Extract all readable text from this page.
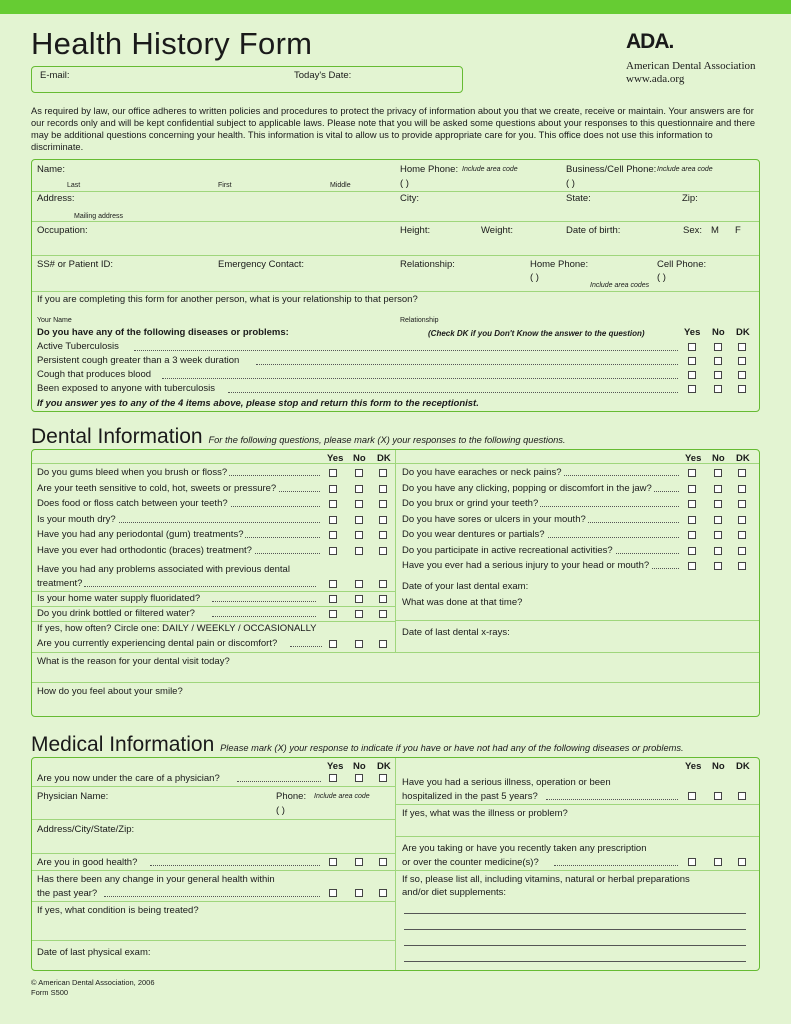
Health History Form	ADA.
American Dental Association
www.ada.org
E-mail:	Today's Date:
As required by law, our office adheres to written policies and procedures to protect the privacy of information about you that we create, receive or maintain. Your answers are for our records only and will be kept confidential subject to applicable laws. Please note that you will be asked some questions about your responses to this questionnaire and there may be additional questions concerning your health. This information is vital to allow us to provide appropriate care for you. This office does not use this information to discriminate.
Name:
Last	First	Middle
Home Phone: Include area code
( )
Business/Cell Phone: Include area code
( )
Address:
Mailing address
City:	State:	Zip:
Occupation:	Height:	Weight:	Date of birth:	Sex: M F
SS# or Patient ID:	Emergency Contact:	Relationship:	Home Phone:
( )
Include area codes
Cell Phone:
( )
If you are completing this form for another person, what is your relationship to that person?
Your Name	Relationship
Do you have any of the following diseases or problems:	(Check DK if you Don't Know the answer to the question)	Yes No DK
Active Tuberculosis
Persistent cough greater than a 3 week duration
Cough that produces blood
Been exposed to anyone with tuberculosis
If you answer yes to any of the 4 items above, please stop and return this form to the receptionist.
Dental Information For the following questions, please mark (X) your responses to the following questions.
Yes No DK	Yes No DK
Do you gums bleed when you brush or floss?
Are your teeth sensitive to cold, hot, sweets or pressure?
Does food or floss catch between your teeth?
Is your mouth dry?
Have you had any periodontal (gum) treatments?
Have you ever had orthodontic (braces) treatment?
Do you have earaches or neck pains?
Do you have any clicking, popping or discomfort in the jaw?
Do you brux or grind your teeth?
Do you have sores or ulcers in your mouth?
Do you wear dentures or partials?
Do you participate in active recreational activities?
Have you ever had a serious injury to your head or mouth?
Have you had any problems associated with previous dental
treatment?
Is your home water supply fluoridated?
Do you drink bottled or filtered water?
If yes, how often? Circle one: DAILY / WEEKLY / OCCASIONALLY
Are you currently experiencing dental pain or discomfort?
Date of your last dental exam:
What was done at that time?
Date of last dental x-rays:
What is the reason for your dental visit today?
How do you feel about your smile?
Medical Information Please mark (X) your response to indicate if you have or have not had any of the following diseases or problems.
Yes No DK	Yes No DK
Are you now under the care of a physician?
Physician Name:	Phone: Include area code
( )
Address/City/State/Zip:
Are you in good health?
Has there been any change in your general health within
the past year?
If yes, what condition is being treated?
Date of last physical exam:
Have you had a serious illness, operation or been
hospitalized in the past 5 years?
If yes, what was the illness or problem?
Are you taking or have you recently taken any prescription
or over the counter medicine(s)?
If so, please list all, including vitamins, natural or herbal preparations
and/or diet supplements:
© American Dental Association, 2006
Form S500
